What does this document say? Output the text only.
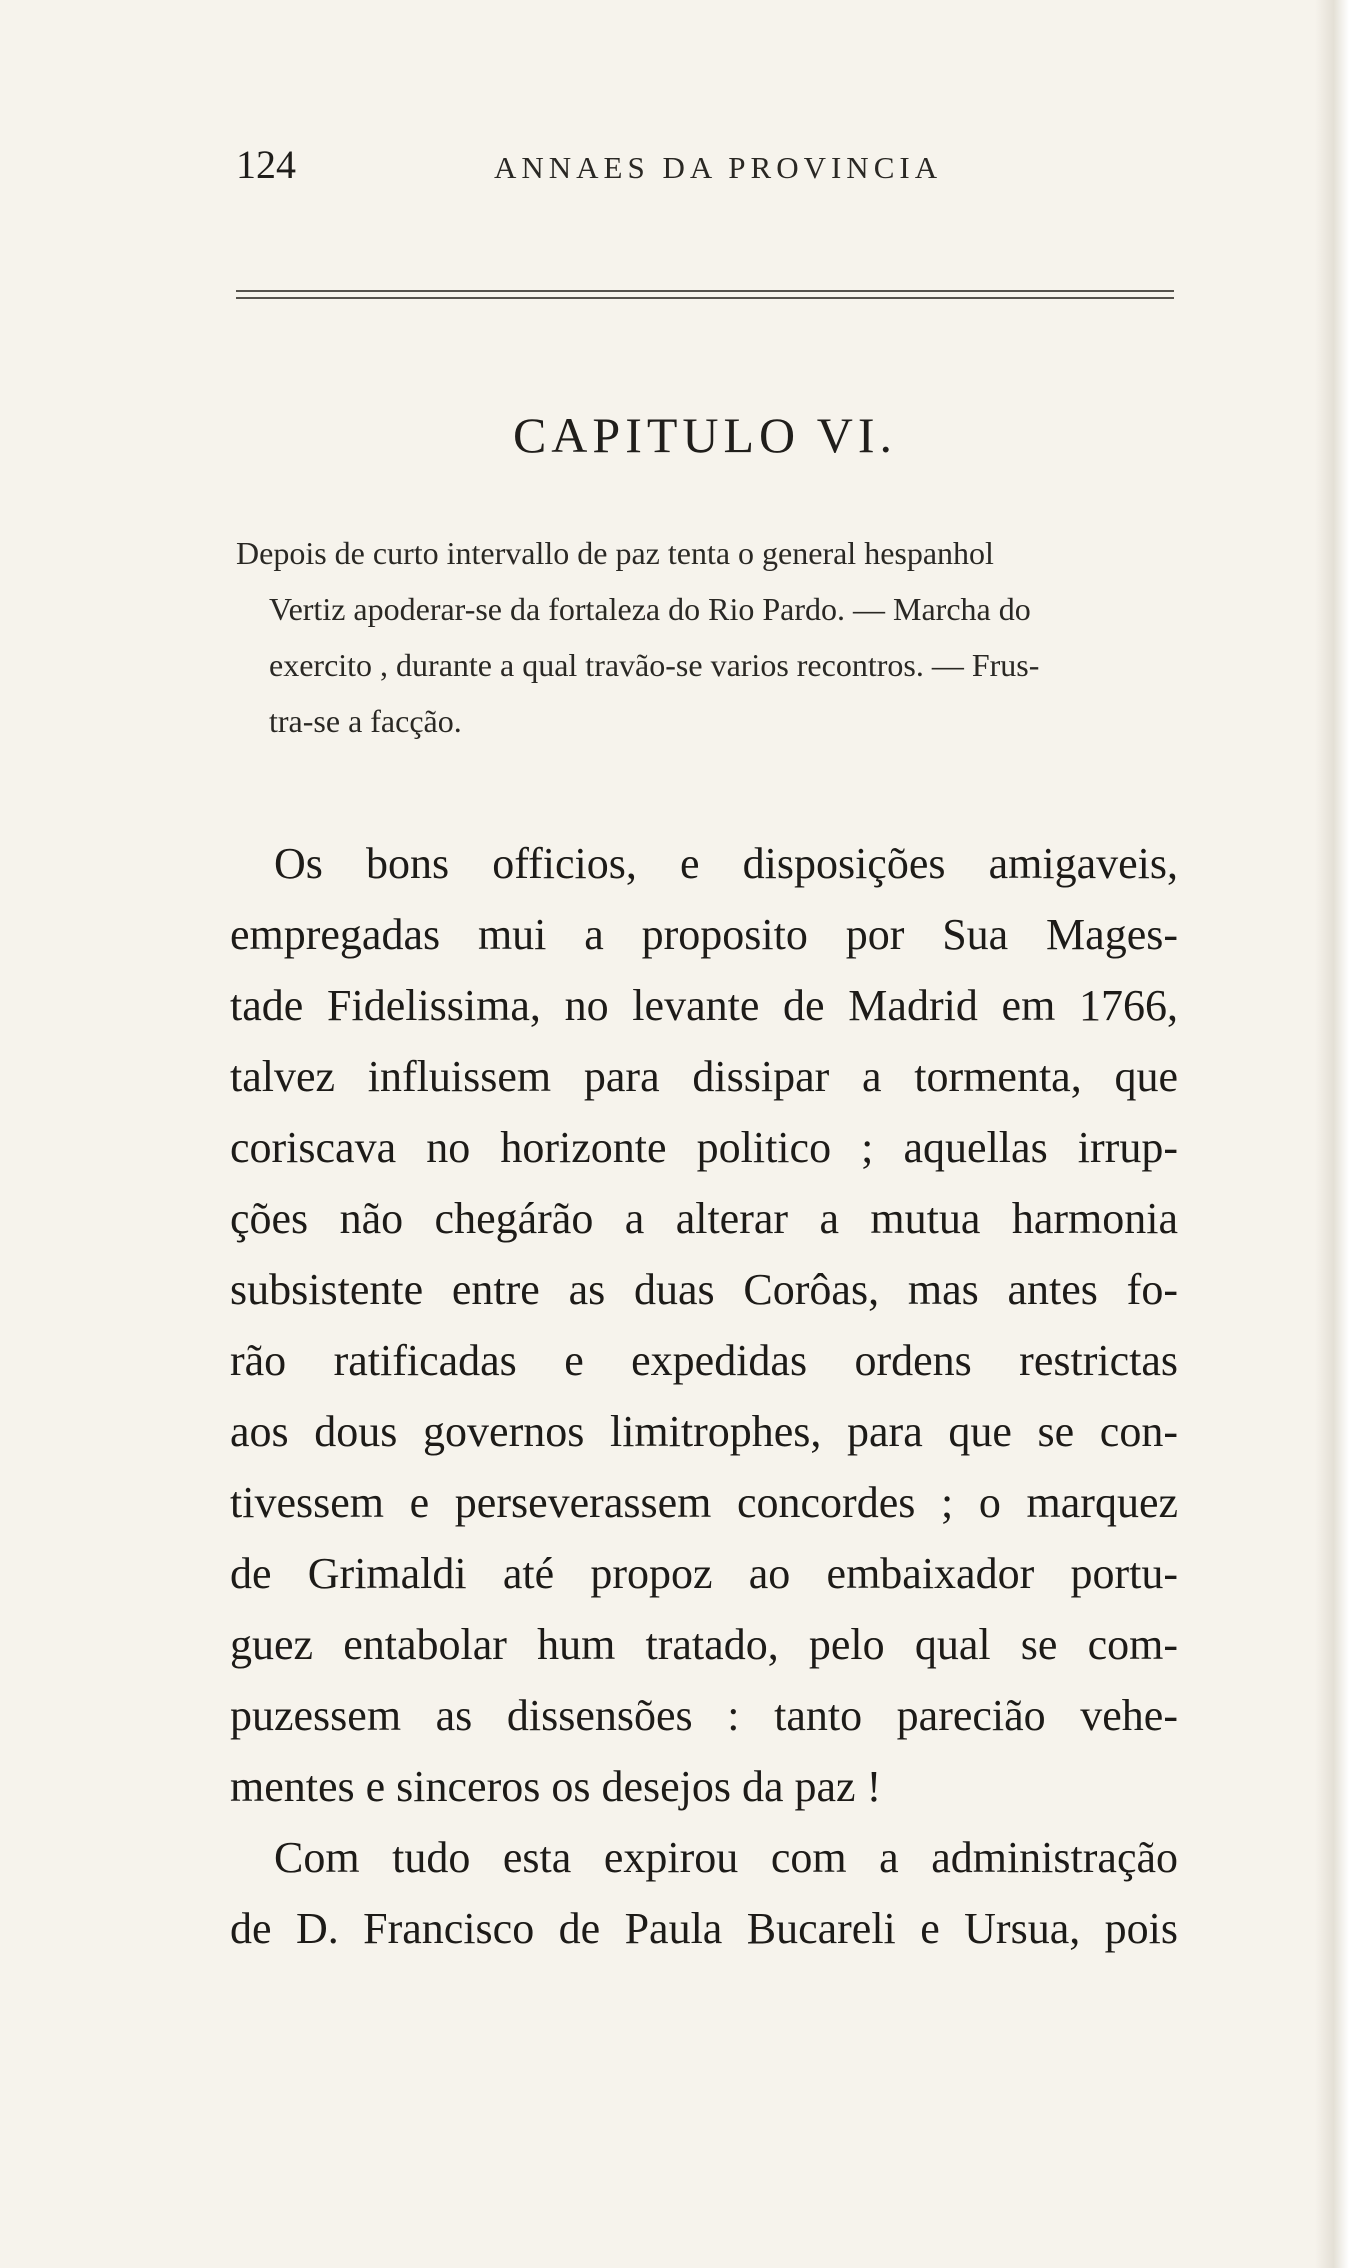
124	ANNAES DA PROVINCIA
CAPITULO VI.

Depois de curto intervallo de paz tenta o general hespanhol
Vertiz apoderar-se da fortaleza do Rio Pardo. — Marcha do
exercito , durante a qual travão-se varios recontros. — Frus-
tra-se a facção.

Os bons officios, e disposições amigaveis,
empregadas mui a proposito por Sua Mages-
tade Fidelissima, no levante de Madrid em 1766,
talvez influissem para dissipar a tormenta, que
coriscava no horizonte politico ; aquellas irrup-
ções não chegárão a alterar a mutua harmonia
subsistente entre as duas Corôas, mas antes fo-
rão ratificadas e expedidas ordens restrictas
aos dous governos limitrophes, para que se con-
tivessem e perseverassem concordes ; o marquez
de Grimaldi até propoz ao embaixador portu-
guez entabolar hum tratado, pelo qual se com-
puzessem as dissensões : tanto parecião vehe-
mentes e sinceros os desejos da paz !
Com tudo esta expirou com a administração
de D. Francisco de Paula Bucareli e Ursua, pois
